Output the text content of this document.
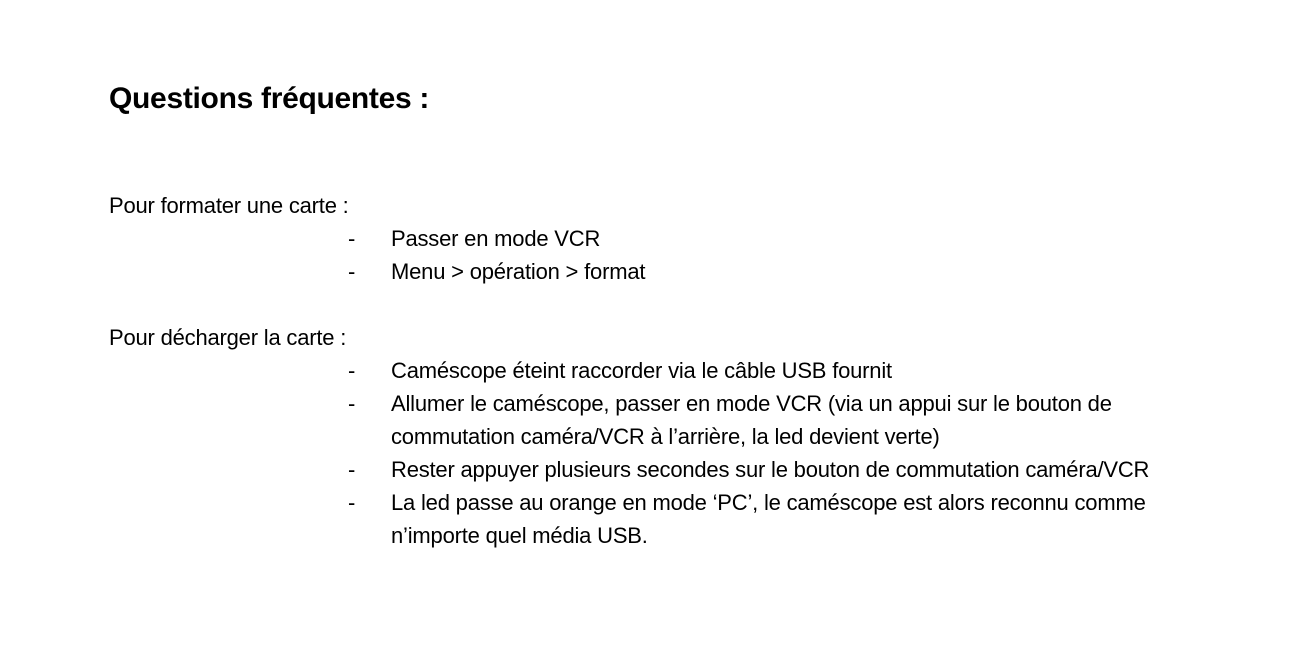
Questions fréquentes :

Pour formater une carte :

- Passer en mode VCR
- Menu > opération > format

Pour décharger la carte :

- Caméscope éteint raccorder via le câble USB fournit
- Allumer le caméscope, passer en mode VCR (via un appui sur le bouton de commutation caméra/VCR à l’arrière, la led devient verte)
- Rester appuyer plusieurs secondes sur le bouton de commutation caméra/VCR
- La led passe au orange en mode ‘PC’, le caméscope est alors reconnu comme n’importe quel média USB.
